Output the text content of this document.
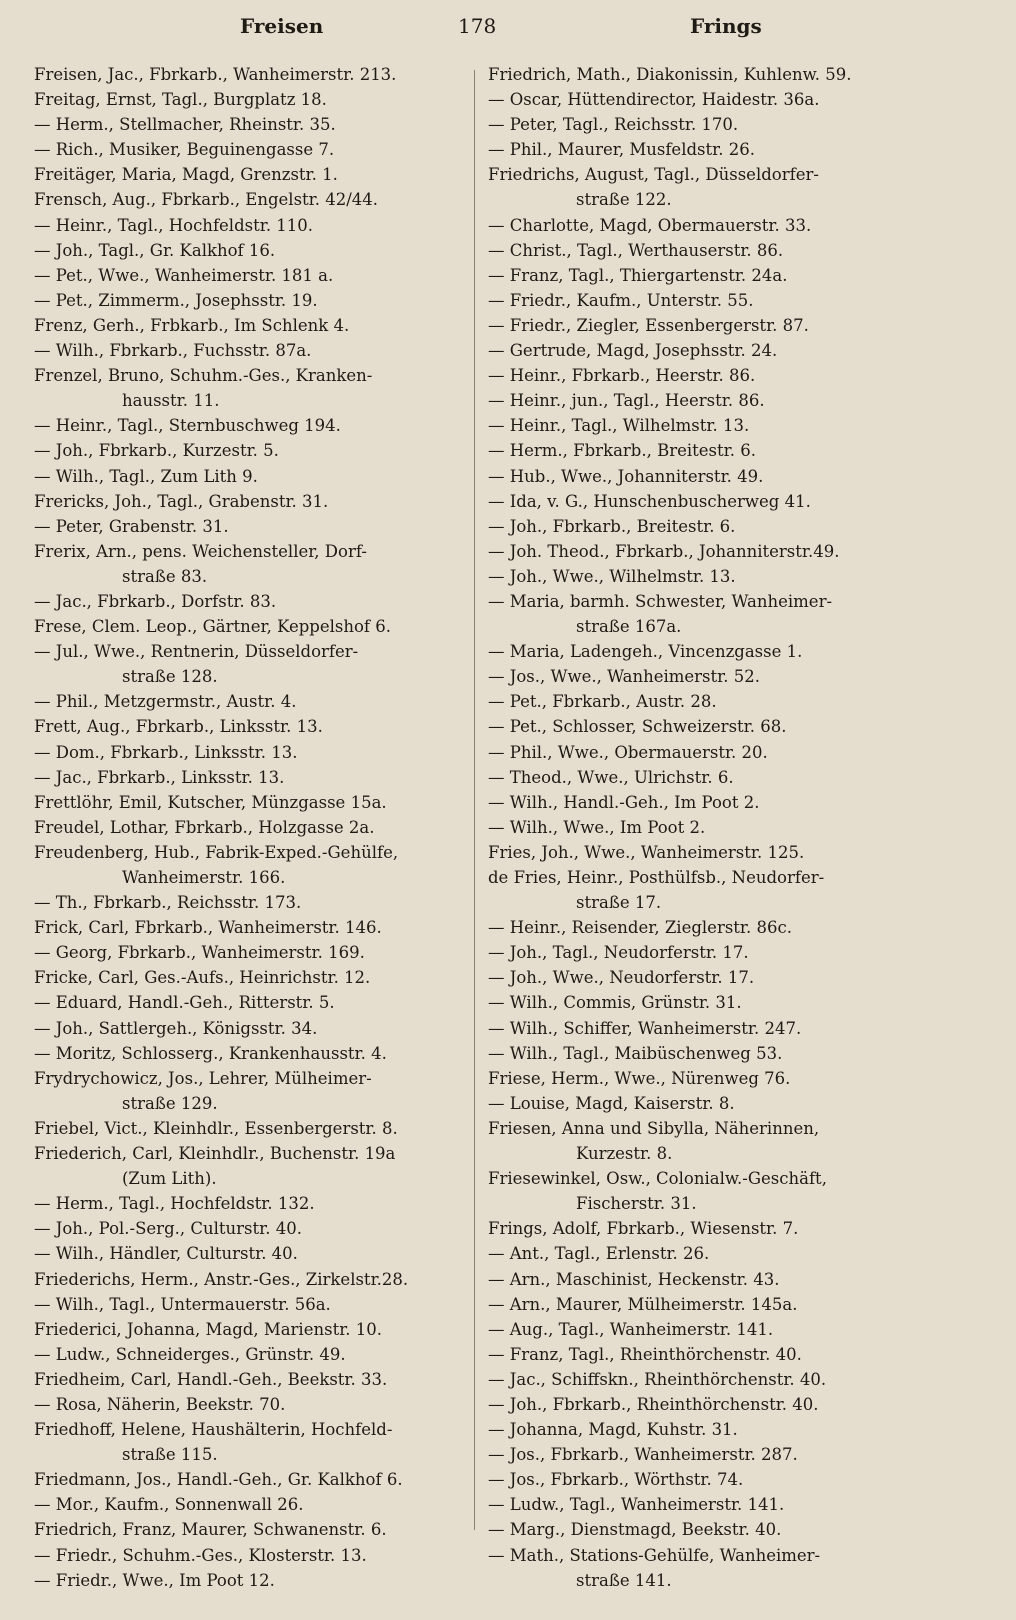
Freisen	178	Frings
Freisen, Jac., Fbrkarb., Wanheimerstr. 213.
Freitag, Ernst, Tagl., Burgplatz 18.
— Herm., Stellmacher, Rheinstr. 35.
— Rich., Musiker, Beguinengasse 7.
Freitäger, Maria, Magd, Grenzstr. 1.
Frensch, Aug., Fbrkarb., Engelstr. 42/44.
— Heinr., Tagl., Hochfeldstr. 110.
— Joh., Tagl., Gr. Kalkhof 16.
— Pet., Wwe., Wanheimerstr. 181 a.
— Pet., Zimmerm., Josephsstr. 19.
Frenz, Gerh., Frbkarb., Im Schlenk 4.
— Wilh., Fbrkarb., Fuchsstr. 87a.
Frenzel, Bruno, Schuhm.-Ges., Kranken-
hausstr. 11.
— Heinr., Tagl., Sternbuschweg 194.
— Joh., Fbrkarb., Kurzestr. 5.
— Wilh., Tagl., Zum Lith 9.
Frericks, Joh., Tagl., Grabenstr. 31.
— Peter, Grabenstr. 31.
Frerix, Arn., pens. Weichensteller, Dorf-
straße 83.
— Jac., Fbrkarb., Dorfstr. 83.
Frese, Clem. Leop., Gärtner, Keppelshof 6.
— Jul., Wwe., Rentnerin, Düsseldorfer-
straße 128.
— Phil., Metzgermstr., Austr. 4.
Frett, Aug., Fbrkarb., Linksstr. 13.
— Dom., Fbrkarb., Linksstr. 13.
— Jac., Fbrkarb., Linksstr. 13.
Frettlöhr, Emil, Kutscher, Münzgasse 15a.
Freudel, Lothar, Fbrkarb., Holzgasse 2a.
Freudenberg, Hub., Fabrik-Exped.-Gehülfe,
Wanheimerstr. 166.
— Th., Fbrkarb., Reichsstr. 173.
Frick, Carl, Fbrkarb., Wanheimerstr. 146.
— Georg, Fbrkarb., Wanheimerstr. 169.
Fricke, Carl, Ges.-Aufs., Heinrichstr. 12.
— Eduard, Handl.-Geh., Ritterstr. 5.
— Joh., Sattlergeh., Königsstr. 34.
— Moritz, Schlosserg., Krankenhausstr. 4.
Frydrychowicz, Jos., Lehrer, Mülheimer-
straße 129.
Friebel, Vict., Kleinhdlr., Essenbergerstr. 8.
Friederich, Carl, Kleinhdlr., Buchenstr. 19a
(Zum Lith).
— Herm., Tagl., Hochfeldstr. 132.
— Joh., Pol.-Serg., Culturstr. 40.
— Wilh., Händler, Culturstr. 40.
Friederichs, Herm., Anstr.-Ges., Zirkelstr.28.
— Wilh., Tagl., Untermauerstr. 56a.
Friederici, Johanna, Magd, Marienstr. 10.
— Ludw., Schneiderges., Grünstr. 49.
Friedheim, Carl, Handl.-Geh., Beekstr. 33.
— Rosa, Näherin, Beekstr. 70.
Friedhoff, Helene, Haushälterin, Hochfeld-
straße 115.
Friedmann, Jos., Handl.-Geh., Gr. Kalkhof 6.
— Mor., Kaufm., Sonnenwall 26.
Friedrich, Franz, Maurer, Schwanenstr. 6.
— Friedr., Schuhm.-Ges., Klosterstr. 13.
— Friedr., Wwe., Im Poot 12.
Friedrich, Math., Diakonissin, Kuhlenw. 59.
— Oscar, Hüttendirector, Haidestr. 36a.
— Peter, Tagl., Reichsstr. 170.
— Phil., Maurer, Musfeldstr. 26.
Friedrichs, August, Tagl., Düsseldorfer-
straße 122.
— Charlotte, Magd, Obermauerstr. 33.
— Christ., Tagl., Werthauserstr. 86.
— Franz, Tagl., Thiergartenstr. 24a.
— Friedr., Kaufm., Unterstr. 55.
— Friedr., Ziegler, Essenbergerstr. 87.
— Gertrude, Magd, Josephsstr. 24.
— Heinr., Fbrkarb., Heerstr. 86.
— Heinr., jun., Tagl., Heerstr. 86.
— Heinr., Tagl., Wilhelmstr. 13.
— Herm., Fbrkarb., Breitestr. 6.
— Hub., Wwe., Johanniterstr. 49.
— Ida, v. G., Hunschenbuscherweg 41.
— Joh., Fbrkarb., Breitestr. 6.
— Joh. Theod., Fbrkarb., Johanniterstr.49.
— Joh., Wwe., Wilhelmstr. 13.
— Maria, barmh. Schwester, Wanheimer-
straße 167a.
— Maria, Ladengeh., Vincenzgasse 1.
— Jos., Wwe., Wanheimerstr. 52.
— Pet., Fbrkarb., Austr. 28.
— Pet., Schlosser, Schweizerstr. 68.
— Phil., Wwe., Obermauerstr. 20.
— Theod., Wwe., Ulrichstr. 6.
— Wilh., Handl.-Geh., Im Poot 2.
— Wilh., Wwe., Im Poot 2.
Fries, Joh., Wwe., Wanheimerstr. 125.
de Fries, Heinr., Posthülfsb., Neudorfer-
straße 17.
— Heinr., Reisender, Zieglerstr. 86c.
— Joh., Tagl., Neudorferstr. 17.
— Joh., Wwe., Neudorferstr. 17.
— Wilh., Commis, Grünstr. 31.
— Wilh., Schiffer, Wanheimerstr. 247.
— Wilh., Tagl., Maibüschenweg 53.
Friese, Herm., Wwe., Nürenweg 76.
— Louise, Magd, Kaiserstr. 8.
Friesen, Anna und Sibylla, Näherinnen,
Kurzestr. 8.
Friesewinkel, Osw., Colonialw.-Geschäft,
Fischerstr. 31.
Frings, Adolf, Fbrkarb., Wiesenstr. 7.
— Ant., Tagl., Erlenstr. 26.
— Arn., Maschinist, Heckenstr. 43.
— Arn., Maurer, Mülheimerstr. 145a.
— Aug., Tagl., Wanheimerstr. 141.
— Franz, Tagl., Rheinthörchenstr. 40.
— Jac., Schiffskn., Rheinthörchenstr. 40.
— Joh., Fbrkarb., Rheinthörchenstr. 40.
— Johanna, Magd, Kuhstr. 31.
— Jos., Fbrkarb., Wanheimerstr. 287.
— Jos., Fbrkarb., Wörthstr. 74.
— Ludw., Tagl., Wanheimerstr. 141.
— Marg., Dienstmagd, Beekstr. 40.
— Math., Stations-Gehülfe, Wanheimer-
straße 141.
